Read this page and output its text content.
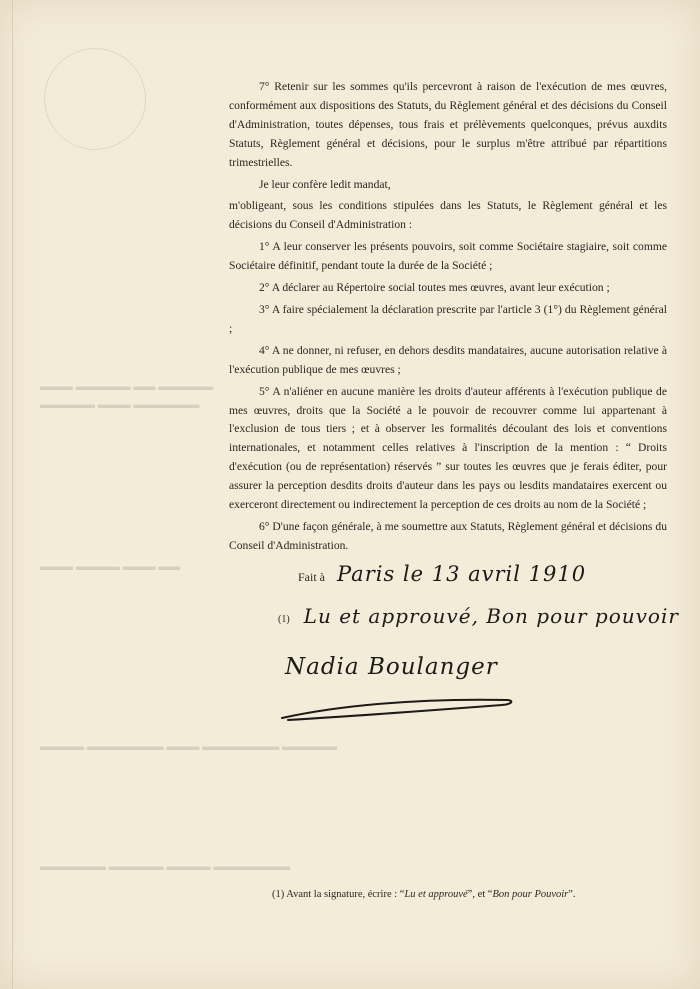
▬▬▬ ▬▬▬▬▬ ▬▬ ▬▬▬▬▬
▬▬▬▬▬ ▬▬▬ ▬▬▬▬▬▬
▬▬▬ ▬▬▬▬ ▬▬▬ ▬▬
▬▬▬▬ ▬▬▬▬▬▬▬ ▬▬▬ ▬▬▬▬▬▬▬ ▬▬▬▬▬
▬▬▬▬▬▬ ▬▬▬▬▬ ▬▬▬▬ ▬▬▬▬▬▬▬

7° Retenir sur les sommes qu'ils percevront à raison de l'exécution de mes œuvres, conformément aux dispositions des Statuts, du Règlement général et des décisions du Conseil d'Administration, toutes dépenses, tous frais et prélèvements quelconques, prévus auxdits Statuts, Règlement général et décisions, pour le surplus m'être attribué par répartitions trimestrielles.

Je leur confère ledit mandat,

m'obligeant, sous les conditions stipulées dans les Statuts, le Règlement général et les décisions du Conseil d'Administration :

1° A leur conserver les présents pouvoirs, soit comme Sociétaire stagiaire, soit comme Sociétaire définitif, pendant toute la durée de la Société ;

2° A déclarer au Répertoire social toutes mes œuvres, avant leur exécution ;

3° A faire spécialement la déclaration prescrite par l'article 3 (1°) du Règlement général ;

4° A ne donner, ni refuser, en dehors desdits mandataires, aucune autorisation relative à l'exécution publique de mes œuvres ;

5° A n'aliéner en aucune manière les droits d'auteur afférents à l'exécution publique de mes œuvres, droits que la Société a le pouvoir de recouvrer comme lui appartenant à l'exclusion de tous tiers ; et à observer les formalités découlant des lois et conventions internationales, et notamment celles relatives à l'inscription de la mention : “ Droits d'exécution (ou de représentation) réservés ” sur toutes les œuvres que je ferais éditer, pour assurer la perception desdits droits d'auteur dans les pays ou lesdits mandataires exercent ou exerceront directement ou indirectement la perception de ces droits au nom de la Société ;

6° D'une façon générale, à me soumettre aux Statuts, Règlement général et décisions du Conseil d'Administration.

Fait à Paris le 13 avril 1910
(1) Lu et approuvé, Bon pour pouvoir
Nadia Boulanger
(1) Avant la signature, écrire : “Lu et approuvé”, et “Bon pour Pouvoir”.
